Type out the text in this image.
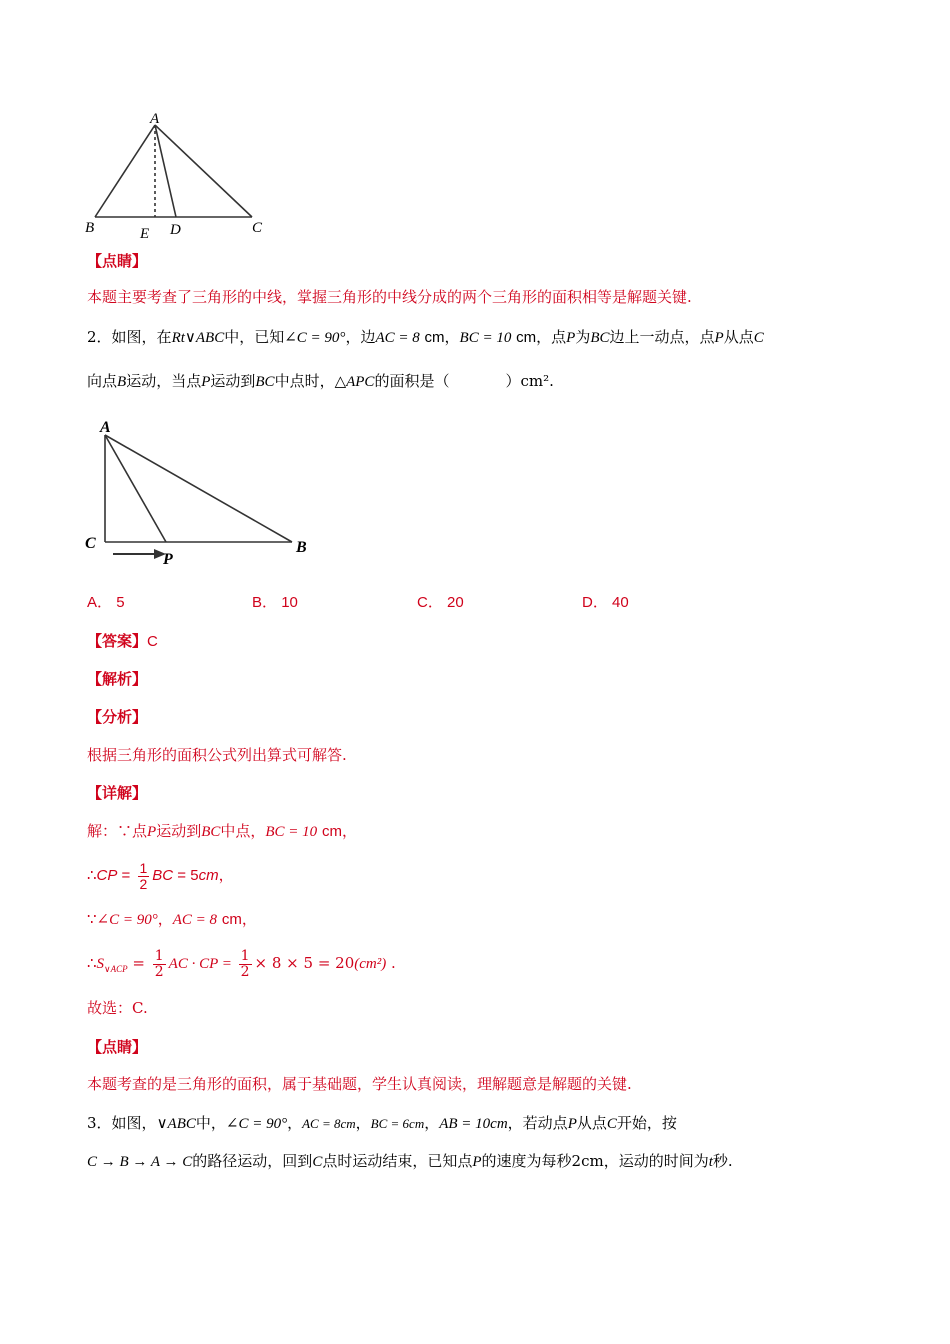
A
B	E D	C
【点睛】
本题主要考查了三角形的中线，掌握三角形的中线分成的两个三角形的面积相等是解题关键.
2．如图，在Rt∨ABC中，已知∠C = 90°，边AC = 8 cm，BC = 10 cm，点P为BC边上一动点，点P从点C
向点B运动，当点P运动到BC中点时，△APC的面积是（	）cm².
A
C
P
B
A． 5	B． 10	C． 20	D． 40
【答案】C
【解析】
【分析】
根据三角形的面积公式列出算式可解答.
【详解】
解：∵点P运动到BC中点，BC = 10 cm，
∴CP = $\frac{1}{2}$ BC = 5cm，
∵∠C = 90°，AC = 8 cm，
$\therefore S_{\vee ACP} = \frac{1}{2}$ AC · CP = $\frac{1}{2} \times 8 \times 5 = 20(cm^2)$ .
故选：C.
【点睛】
本题考查的是三角形的面积，属于基础题，学生认真阅读，理解题意是解题的关键.
3．如图，∨ABC中，∠C = 90°，AC = 8cm，BC = 6cm，AB = 10cm，若动点P从点C开始，按
C → B → A → C的路径运动，回到C点时运动结束，已知点P的速度为每秒2cm，运动的时间为t秒.
